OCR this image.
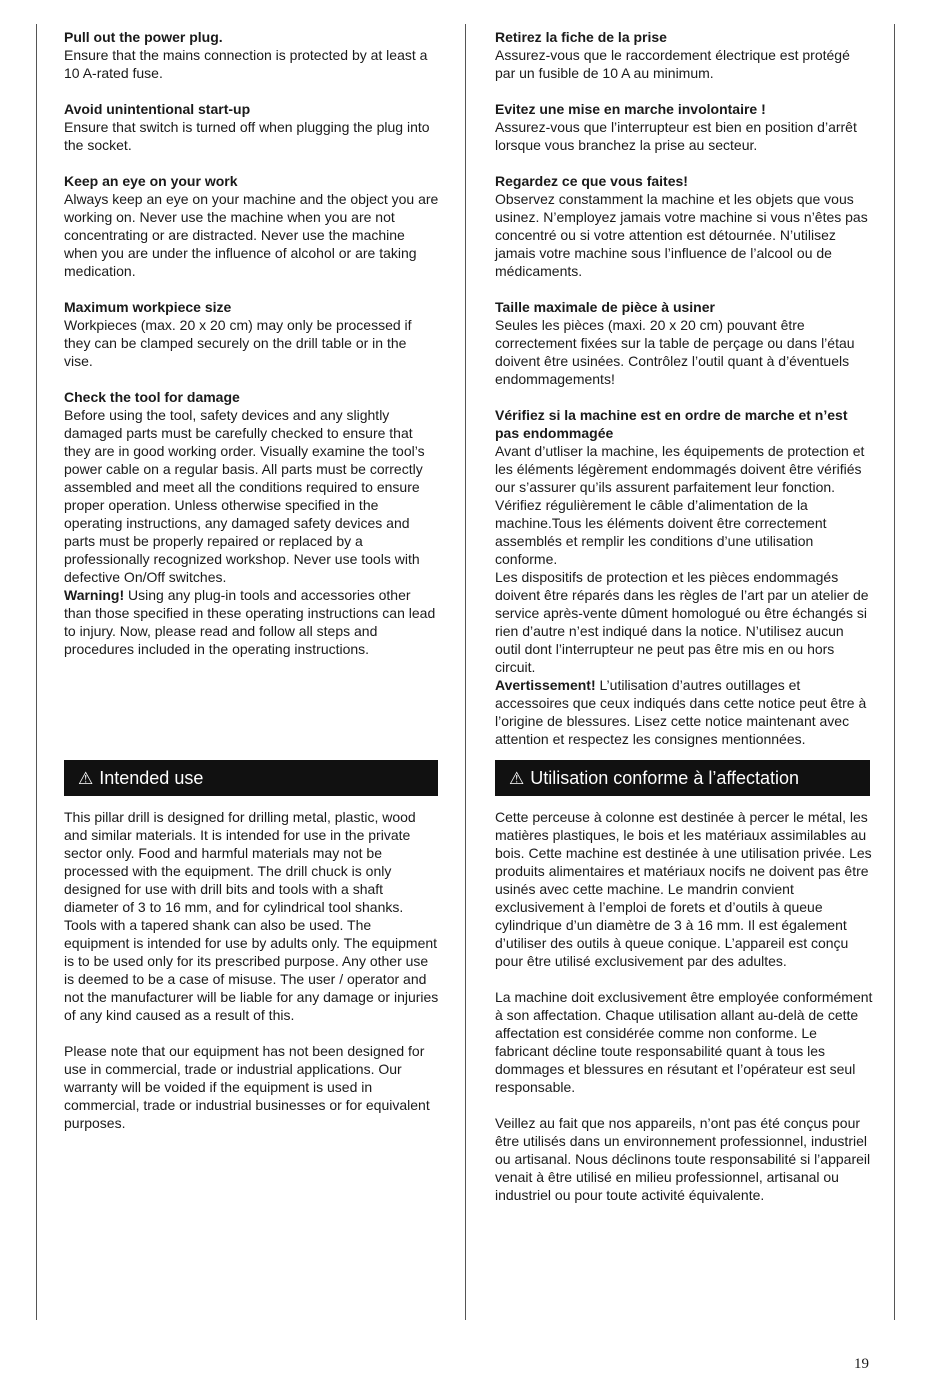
Pull out the power plug.

Ensure that the mains connection is protected by at least a 10 A-rated fuse.

Avoid unintentional start-up

Ensure that switch is turned off when plugging the plug into the socket.

Keep an eye on your work

Always keep an eye on your machine and the object you are working on. Never use the machine when you are not concentrating or are distracted. Never use the machine when you are under the influence of alcohol or are taking medication.

Maximum workpiece size

Workpieces (max. 20 x 20 cm) may only be processed if they can be clamped securely on the drill table or in the vise.

Check the tool for damage

Before using the tool, safety devices and any slightly damaged parts must be carefully checked to ensure that they are in good working order. Visually examine the tool’s power cable on a regular basis. All parts must be correctly assembled and meet all the conditions required to ensure proper operation. Unless otherwise specified in the operating instructions, any damaged safety devices and parts must be properly repaired or replaced by a professionally recognized workshop. Never use tools with defective On/Off switches.
Warning! Using any plug-in tools and accessories other than those specified in these operating instructions can lead to injury. Now, please read and follow all steps and procedures included in the operating instructions.

Retirez la fiche de la prise

Assurez-vous que le raccordement électrique est protégé par un fusible de 10 A au minimum.

Evitez une mise en marche involontaire !

Assurez-vous que l’interrupteur est bien en position d’arrêt lorsque vous branchez la prise au secteur.

Regardez ce que vous faites!

Observez constamment la machine et les objets que vous usinez. N’employez jamais votre machine si vous n’êtes pas concentré ou si votre attention est détournée. N’utilisez jamais votre machine sous l’influence de l’alcool ou de médicaments.

Taille maximale de pièce à usiner

Seules les pièces (maxi. 20 x 20 cm) pouvant être correctement fixées sur la table de perçage ou dans l’étau doivent être usinées. Contrôlez l’outil quant à d’éventuels endommagements!

Vérifiez si la machine est en ordre de marche et n’est pas endommagée

Avant d’utliser la machine, les équipements de protection et les éléments légèrement endommagés doivent être vérifiés our s’assurer qu’ils assurent parfaitement leur fonction. Vérifiez régulièrement le câble d’alimentation de la machine.Tous les éléments doivent être correctement assemblés et remplir les conditions d’une utilisation conforme.
Les dispositifs de protection et les pièces endommagés doivent être réparés dans les règles de l’art par un atelier de service après-vente dûment homologué ou être échangés si rien d’autre n’est indiqué dans la notice. N’utilisez aucun outil dont l’interrupteur ne peut pas être mis en ou hors circuit.
Avertissement! L’utilisation d’autres outillages et accessoires que ceux indiqués dans cette notice peut être à l’origine de blessures. Lisez cette notice maintenant avec attention et respectez les consignes mentionnées.

⚠ Intended use	⚠ Utilisation conforme à l’affectation

This pillar drill is designed for drilling metal, plastic, wood and similar materials. It is intended for use in the private sector only. Food and harmful materials may not be processed with the equipment. The drill chuck is only designed for use with drill bits and tools with a shaft diameter of 3 to 16 mm, and for cylindrical tool shanks. Tools with a tapered shank can also be used. The equipment is intended for use by adults only. The equipment is to be used only for its prescribed purpose. Any other use is deemed to be a case of misuse. The user / operator and not the manufacturer will be liable for any damage or injuries of any kind caused as a result of this.

Please note that our equipment has not been designed for use in commercial, trade or industrial applications. Our warranty will be voided if the equipment is used in commercial, trade or industrial businesses or for equivalent purposes.

Cette perceuse à colonne est destinée à percer le métal, les matières plastiques, le bois et les matériaux assimilables au bois. Cette machine est destinée à une utilisation privée. Les produits alimentaires et matériaux nocifs ne doivent pas être usinés avec cette machine. Le mandrin convient exclusivement à l’emploi de forets et d’outils à queue cylindrique d’un diamètre de 3 à 16 mm. Il est également d’utiliser des outils à queue conique. L’appareil est conçu pour être utilisé exclusivement par des adultes.

La machine doit exclusivement être employée conformément à son affectation. Chaque utilisation allant au-delà de cette affectation est considérée comme non conforme. Le fabricant décline toute responsabilité quant à tous les dommages et blessures en résutant et l’opérateur est seul responsable.

Veillez au fait que nos appareils, n’ont pas été conçus pour être utilisés dans un environnement professionnel, industriel ou artisanal. Nous déclinons toute responsabilité si l’appareil venait à être utilisé en milieu professionnel, artisanal ou industriel ou pour toute activité équivalente.

19
